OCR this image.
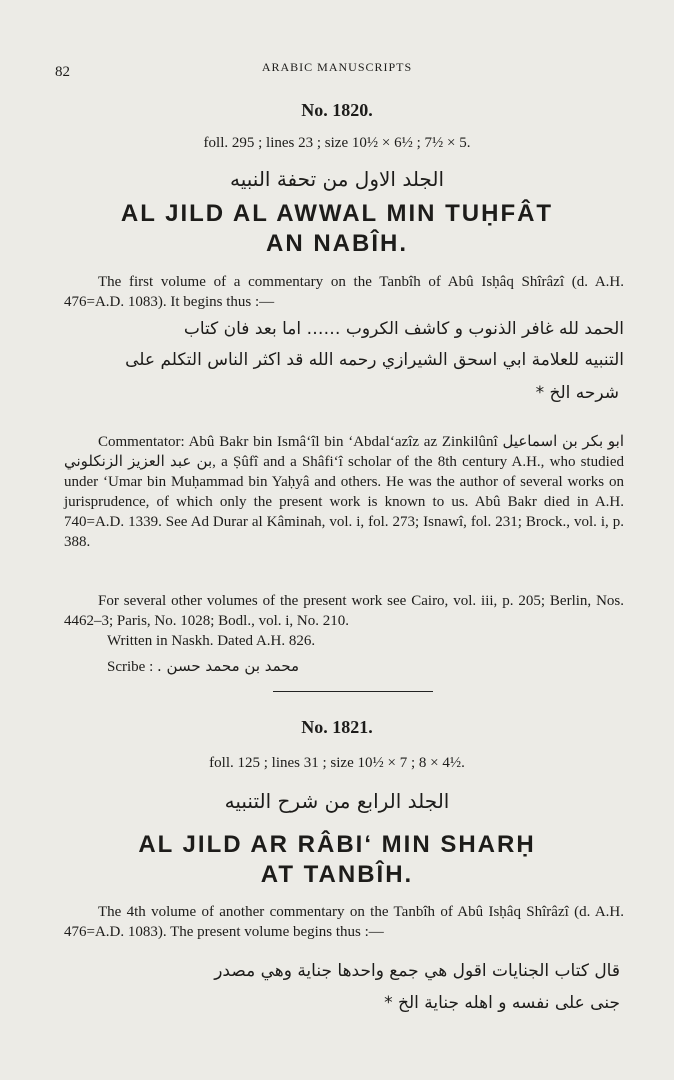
82	ARABIC MANUSCRIPTS
No. 1820.
foll. 295 ; lines 23 ; size 10½ × 6½ ; 7½ × 5.
الجلد الاول من تحفة النبيه
AL JILD AL AWWAL MIN TUḤFÂT
AN NABÎH.
The first volume of a commentary on the Tanbîh of Abû Isḥâq Shîrâzî (d. A.H. 476=A.D. 1083). It begins thus :—
الحمد لله غافر الذنوب و كاشف الكروب …… اما بعد فان كتاب
التنبيه للعلامة ابي اسحق الشيرازي رحمه الله قد اكثر الناس التكلم على
شرحه الخ *
Commentator: Abû Bakr bin Ismâ‘îl bin ‘Abdal‘azîz az Zinkilûnî ابو بكر بن اسماعيل بن عبد العزيز الزنكلوني, a Ṣûfî and a Shâfi‘î scholar of the 8th century A.H., who studied under ‘Umar bin Muḥammad bin Yaḥyâ and others. He was the author of several works on jurisprudence, of which only the present work is known to us. Abû Bakr died in A.H. 740=A.D. 1339. See Ad Durar al Kâminah, vol. i, fol. 273; Isnawî, fol. 231; Brock., vol. i, p. 388.
For several other volumes of the present work see Cairo, vol. iii, p. 205; Berlin, Nos. 4462–3; Paris, No. 1028; Bodl., vol. i, No. 210.
Written in Naskh. Dated A.H. 826.
Scribe : محمد بن محمد حسن .
No. 1821.
foll. 125 ; lines 31 ; size 10½ × 7 ; 8 × 4½.
الجلد الرابع من شرح التنبيه
AL JILD AR RÂBI‘ MIN SHARḤ
AT TANBÎH.
The 4th volume of another commentary on the Tanbîh of Abû Isḥâq Shîrâzî (d. A.H. 476=A.D. 1083). The present volume begins thus :—
قال كتاب الجنايات اقول هي جمع واحدها جناية وهي مصدر
جنى على نفسه و اهله جناية الخ *
